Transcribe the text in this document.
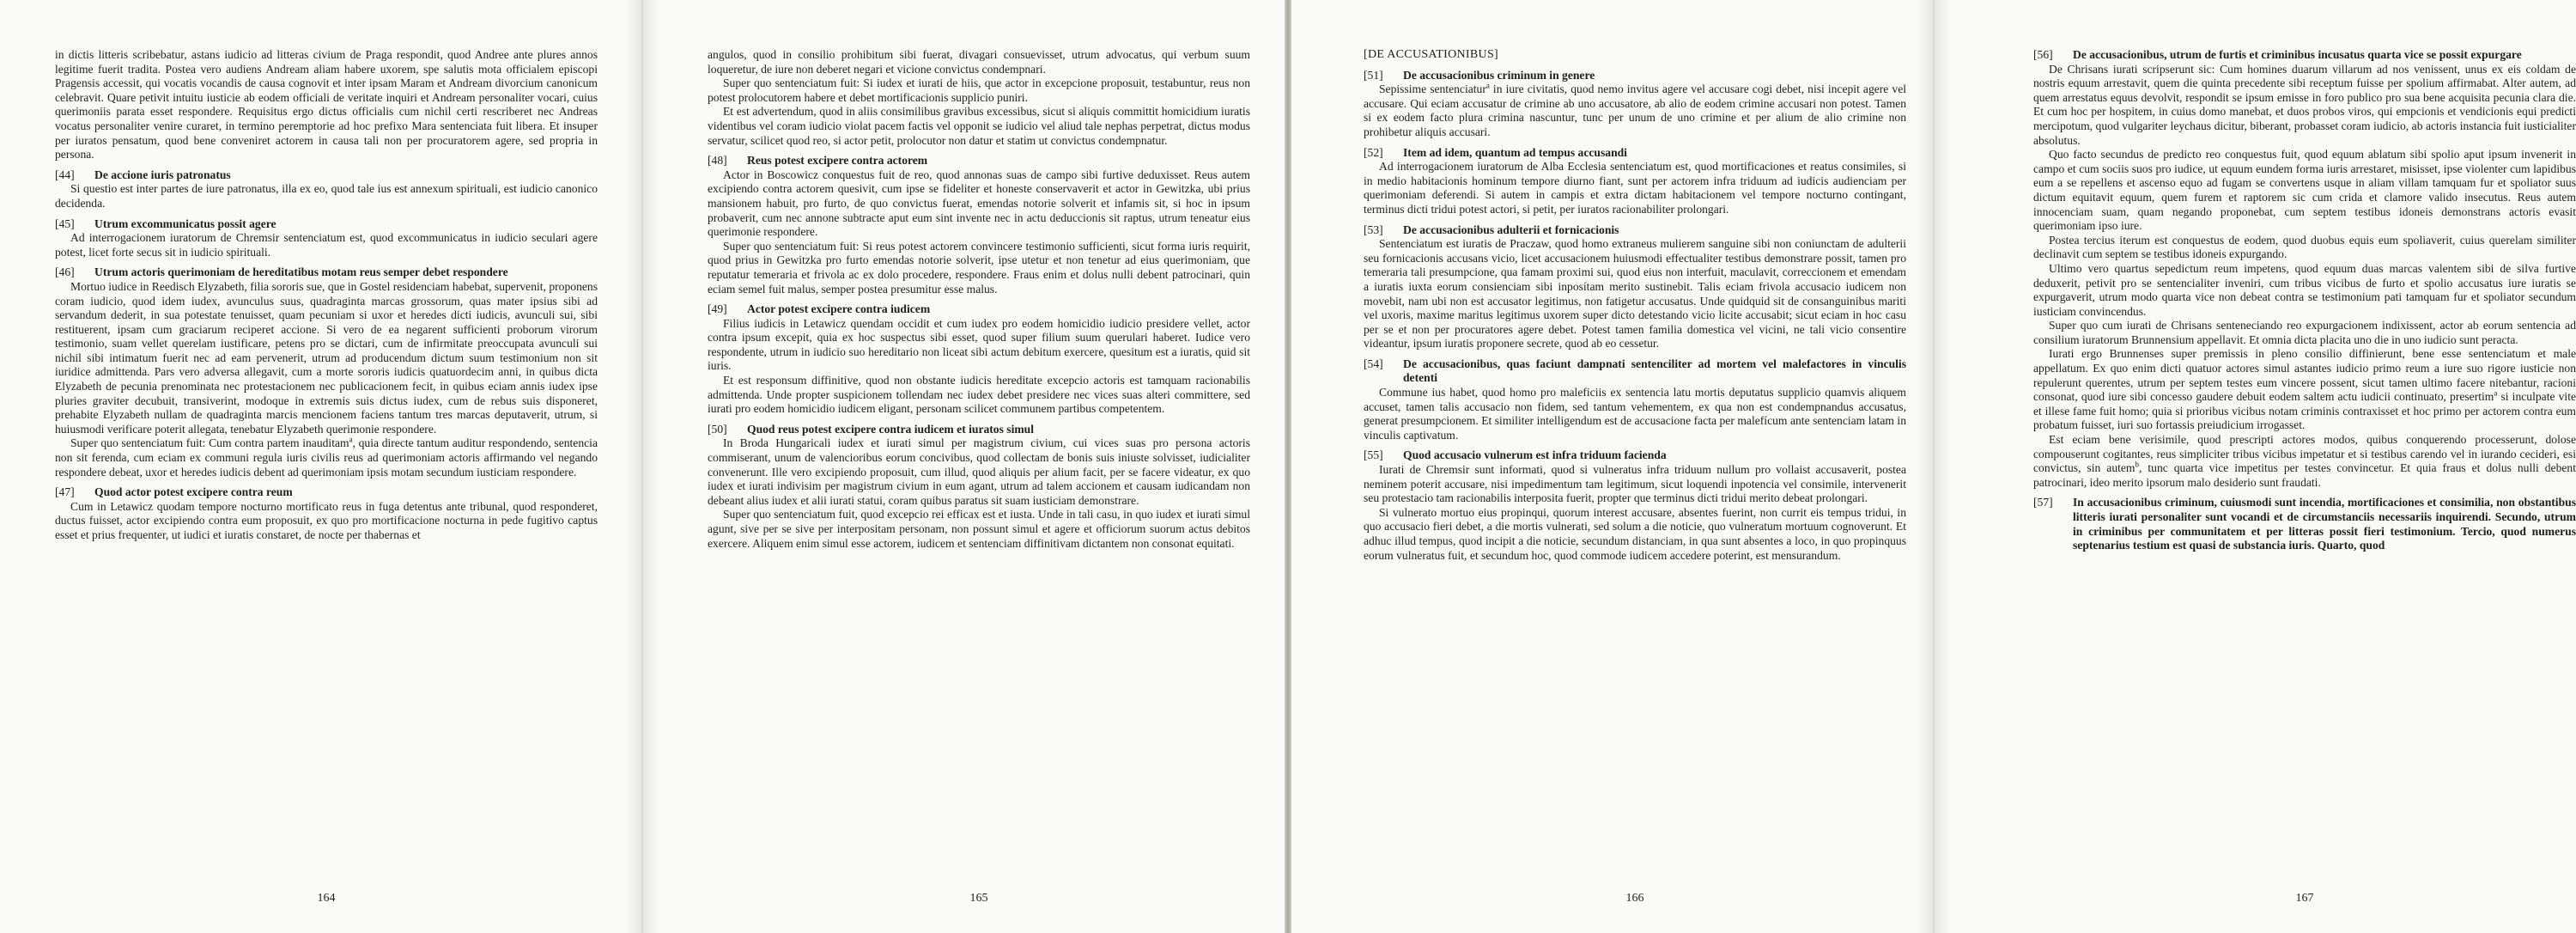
in dictis litteris scribebatur, astans iudicio ad litteras civium de Praga respondit, quod Andree ante plures annos legitime fuerit tradita. Postea vero audiens Andream aliam habere uxorem, spe salutis mota officialem episcopi Pragensis accessit, qui vocatis vocandis de causa cognovit et inter ipsam Maram et Andream divorcium canonicum celebravit. Quare petivit intuitu iusticie ab eodem officiali de veritate inquiri et Andream personaliter vocari, cuius querimoniis parata esset respondere. Requisitus ergo dictus officialis cum nichil certi rescriberet nec Andreas vocatus personaliter venire curaret, in termino peremptorie ad hoc prefixo Mara sentenciata fuit libera. Et insuper per iuratos pensatum, quod bene conveniret actorem in causa tali non per procuratorem agere, sed propria in persona.

[44]	De accione iuris patronatus

Si questio est inter partes de iure patronatus, illa ex eo, quod tale ius est annexum spirituali, est iudicio canonico decidenda.

[45]	Utrum excommunicatus possit agere

Ad interrogacionem iuratorum de Chremsir sentenciatum est, quod excommunicatus in iudicio seculari agere potest, licet forte secus sit in iudicio spirituali.

[46]	Utrum actoris querimoniam de hereditatibus motam reus semper debet respondere

Mortuo iudice in Reedisch Elyzabeth, filia sororis sue, que in Gostel residenciam habebat, supervenit, proponens coram iudicio, quod idem iudex, avunculus suus, quadraginta marcas grossorum, quas mater ipsius sibi ad servandum dederit, in sua potestate tenuisset, quam pecuniam si uxor et heredes dicti iudicis, avunculi sui, sibi restituerent, ipsam cum graciarum reciperet accione. Si vero de ea negarent sufficienti proborum virorum testimonio, suam vellet querelam iustificare, petens pro se dictari, cum de infirmitate preoccupata avunculi sui nichil sibi intimatum fuerit nec ad eam pervenerit, utrum ad producendum dictum suum testimonium non sit iuridice admittenda. Pars vero adversa allegavit, cum a morte sororis iudicis quatuordecim anni, in quibus dicta Elyzabeth de pecunia prenominata nec protestacionem nec publicacionem fecit, in quibus eciam annis iudex ipse pluries graviter decubuit, transiverint, modoque in extremis suis dictus iudex, cum de rebus suis disponeret, prehabite Elyzabeth nullam de quadraginta marcis mencionem faciens tantum tres marcas deputaverit, utrum, si huiusmodi verificare poterit allegata, tenebatur Elyzabeth querimonie respondere.

Super quo sentenciatum fuit: Cum contra partem inauditam$^a$, quia directe tantum auditur respondendo, sentencia non sit ferenda, cum eciam ex communi regula iuris civilis reus ad querimoniam actoris affirmando vel negando respondere debeat, uxor et heredes iudicis debent ad querimoniam ipsis motam secundum iusticiam respondere.

[47]	Quod actor potest excipere contra reum

Cum in Letawicz quodam tempore nocturno mortificato reus in fuga detentus ante tribunal, quod responderet, ductus fuisset, actor excipiendo contra eum proposuit, ex quo pro mortificacione nocturna in pede fugitivo captus esset et prius frequenter, ut iudici et iuratis constaret, de nocte per thabernas et

164

angulos, quod in consilio prohibitum sibi fuerat, divagari consuevisset, utrum advocatus, qui verbum suum loqueretur, de iure non deberet negari et vicione convictus condempnari.

Super quo sentenciatum fuit: Si iudex et iurati de hiis, que actor in excepcione proposuit, testabuntur, reus non potest prolocutorem habere et debet mortificacionis supplicio puniri.

Et est advertendum, quod in aliis consimilibus gravibus excessibus, sicut si aliquis committit homicidium iuratis videntibus vel coram iudicio violat pacem factis vel opponit se iudicio vel aliud tale nephas perpetrat, dictus modus servatur, scilicet quod reo, si actor petit, prolocutor non datur et statim ut convictus condempnatur.

[48]	Reus potest excipere contra actorem

Actor in Boscowicz conquestus fuit de reo, quod annonas suas de campo sibi furtive deduxisset. Reus autem excipiendo contra actorem quesivit, cum ipse se fideliter et honeste conservaverit et actor in Gewitzka, ubi prius mansionem habuit, pro furto, de quo convictus fuerat, emendas notorie solverit et infamis sit, si hoc in ipsum probaverit, cum nec annone subtracte aput eum sint invente nec in actu deduccionis sit raptus, utrum teneatur eius querimonie respondere.

Super quo sentenciatum fuit: Si reus potest actorem convincere testimonio sufficienti, sicut forma iuris requirit, quod prius in Gewitzka pro furto emendas notorie solverit, ipse utetur et non tenetur ad eius querimoniam, que reputatur temeraria et frivola ac ex dolo procedere, respondere. Fraus enim et dolus nulli debent patrocinari, quin eciam semel fuit malus, semper postea presumitur esse malus.

[49]	Actor potest excipere contra iudicem

Filius iudicis in Letawicz quendam occidit et cum iudex pro eodem homicidio iudicio presidere vellet, actor contra ipsum excepit, quia ex hoc suspectus sibi esset, quod super filium suum querulari haberet. Iudice vero respondente, utrum in iudicio suo hereditario non liceat sibi actum debitum exercere, quesitum est a iuratis, quid sit iuris.

Et est responsum diffinitive, quod non obstante iudicis hereditate excepcio actoris est tamquam racionabilis admittenda. Unde propter suspicionem tollendam nec iudex debet presidere nec vices suas alteri committere, sed iurati pro eodem homicidio iudicem eligant, personam scilicet communem partibus competentem.

[50]	Quod reus potest excipere contra iudicem et iuratos simul

In Broda Hungaricali iudex et iurati simul per magistrum civium, cui vices suas pro persona actoris commiserant, unum de valencioribus eorum concivibus, quod collectam de bonis suis iniuste solvisset, iudicialiter convenerunt. Ille vero excipiendo proposuit, cum illud, quod aliquis per alium facit, per se facere videatur, ex quo iudex et iurati indivisim per magistrum civium in eum agant, utrum ad talem accionem et causam iudicandam non debeant alius iudex et alii iurati statui, coram quibus paratus sit suam iusticiam demonstrare.

Super quo sentenciatum fuit, quod excepcio rei efficax est et iusta. Unde in tali casu, in quo iudex et iurati simul agunt, sive per se sive per interpositam personam, non possunt simul et agere et officiorum suorum actus debitos exercere. Aliquem enim simul esse actorem, iudicem et sentenciam diffinitivam dictantem non consonat equitati.

165
[DE ACCUSATIONIBUS]
[51]	De accusacionibus criminum in genere

Sepissime sentenciatur$^a$ in iure civitatis, quod nemo invitus agere vel accusare cogi debet, nisi incepit agere vel accusare. Qui eciam accusatur de crimine ab uno accusatore, ab alio de eodem crimine accusari non potest. Tamen si ex eodem facto plura crimina nascuntur, tunc per unum de uno crimine et per alium de alio crimine non prohibetur aliquis accusari.

[52]	Item ad idem, quantum ad tempus accusandi

Ad interrogacionem iuratorum de Alba Ecclesia sentenciatum est, quod mortificaciones et reatus consimiles, si in medio habitacionis hominum tempore diurno fiant, sunt per actorem infra triduum ad iudicis audienciam per querimoniam deferendi. Si autem in campis et extra dictam habitacionem vel tempore nocturno contingant, terminus dicti tridui potest actori, si petit, per iuratos racionabiliter prolongari.

[53]	De accusacionibus adulterii et fornicacionis

Sentenciatum est iuratis de Praczaw, quod homo extraneus mulierem sanguine sibi non coniunctam de adulterii seu fornicacionis accusans vicio, licet accusacionem huiusmodi effectualiter testibus demonstrare possit, tamen pro temeraria tali presumpcione, qua famam proximi sui, quod eius non interfuit, maculavit, correccionem et emendam a iuratis iuxta eorum consienciam sibi inposítam merito sustinebit. Talis eciam frivola accusacio iudicem non movebit, nam ubi non est accusator legitimus, non fatigetur accusatus. Unde quidquid sit de consanguinibus mariti vel uxoris, maxime maritus legitimus uxorem super dicto detestando vicio licite accusabit; sicut eciam in hoc casu per se et non per procuratores agere debet. Potest tamen familia domestica vel vicini, ne tali vicio consentire videantur, ipsum iuratis proponere secrete, quod ab eo cessetur.

[54]	De accusacionibus, quas faciunt dampnati sentenciliter ad mortem vel malefactores in vinculis detenti

Commune ius habet, quod homo pro maleficiis ex sentencia latu mortis deputatus supplicio quamvis aliquem accuset, tamen talis accusacio non fidem, sed tantum vehementem, ex qua non est condempnandus accusatus, generat presumpcionem. Et similiter intelligendum est de accusacione facta per malefícum ante sentenciam latam in vinculis captivatum.

[55]	Quod accusacio vulnerum est infra triduum facienda

Iurati de Chremsir sunt informati, quod si vulneratus infra triduum nullum pro vollaist accusaverit, postea neminem poterit accusare, nisi impedimentum tam legitimum, sicut loquendi inpotencia vel consimile, intervenerit seu protestacio tam racionabilis interposita fuerit, propter que terminus dicti tridui merito debeat prolongari.

Si vulnerato mortuo eius propinqui, quorum interest accusare, absentes fuerint, non currit eis tempus tridui, in quo accusacio fieri debet, a die mortis vulnerati, sed solum a die noticie, quo vulneratum mortuum cognoverunt. Et adhuc illud tempus, quod incipit a die noticie, secundum distanciam, in qua sunt absentes a loco, in quo propinquus eorum vulneratus fuit, et secundum hoc, quod commode iudicem accedere poterint, est mensurandum.

166
[56]	De accusacionibus, utrum de furtis et criminibus incusatus quarta vice se possit expurgare

De Chrisans iurati scripserunt sic: Cum homines duarum villarum ad nos venissent, unus ex eis coldam de nostris equum arrestavit, quem die quinta precedente sibi receptum fuisse per spolium affirmabat. Alter autem, ad quem arrestatus equus devolvit, respondit se ipsum emisse in foro publico pro sua bene acquisita pecunia clara die. Et cum hoc per hospitem, in cuius domo manebat, et duos probos viros, qui empcionis et vendicionis equi predicti mercipotum, quod vulgariter leychaus dicitur, biberant, probasset coram iudicio, ab actoris instancia fuit iusticialiter absolutus.

Quo facto secundus de predicto reo conquestus fuit, quod equum ablatum sibi spolio aput ipsum invenerit in campo et cum sociis suos pro iudice, ut equum eundem forma iuris arrestaret, misisset, ipse violenter cum lapidibus eum a se repellens et ascenso equo ad fugam se convertens usque in aliam villam tamquam fur et spoliator suus dictum equitavit equum, quem furem et raptorem sic cum crida et clamore valido insecutus. Reus autem innocenciam suam, quam negando proponebat, cum septem testibus idoneis demonstrans actoris evasit querimoniam ipso iure.

Postea tercius iterum est conquestus de eodem, quod duobus equis eum spoliaverit, cuius querelam similiter declinavit cum septem se testibus idoneis expurgando.

Ultimo vero quartus sepedictum reum impetens, quod equum duas marcas valentem sibi de silva furtive deduxerit, petivit pro se sentencialiter inveniri, cum tribus vicibus de furto et spolio accusatus iure iuratis se expurgaverit, utrum modo quarta vice non debeat contra se testimonium pati tamquam fur et spoliator secundum iusticiam convincendus.

Super quo cum iurati de Chrisans senteneciando reo expurgacionem indixissent, actor ab eorum sentencia ad consilium iuratorum Brunnensium appellavit. Et omnia dicta placita uno die in uno iudicio sunt peracta.

Iurati ergo Brunnenses super premissis in pleno consilio diffinierunt, bene esse sentenciatum et male appellatum. Ex quo enim dicti quatuor actores simul astantes iudicio primo reum a iure suo rigore iusticie non repulerunt querentes, utrum per septem testes eum vincere possent, sicut tamen ultimo facere nitebantur, racioni consonat, quod iure sibi concesso gaudere debuit eodem saltem actu iudicii continuato, presertim$^a$ si inculpate vite et illese fame fuit homo; quia si prioribus vicibus notam criminis contraxisset et hoc primo per actorem contra eum probatum fuisset, iuri suo fortassis preiudicium irrogasset.

Est eciam bene verisimile, quod prescripti actores modos, quibus conquerendo processerunt, dolose compouserunt cogitantes, reus simpliciter tribus vicibus impetatur et si testibus carendo vel in iurando cecideri, esi convictus, sin autem$^b$, tunc quarta vice impetitus per testes convincetur. Et quia fraus et dolus nulli debent patrocinari, ideo merito ipsorum malo desiderio sunt fraudati.

[57]	In accusacionibus criminum, cuiusmodi sunt incendia, mortificaciones et consimilia, non obstantibus litteris iurati personaliter sunt vocandi et de circumstanciis necessariis inquirendi. Secundo, utrum in criminibus per communitatem et per litteras possit fieri testimonium. Tercio, quod numerus septenarius testium est quasi de substancia iuris. Quarto, quod
167
